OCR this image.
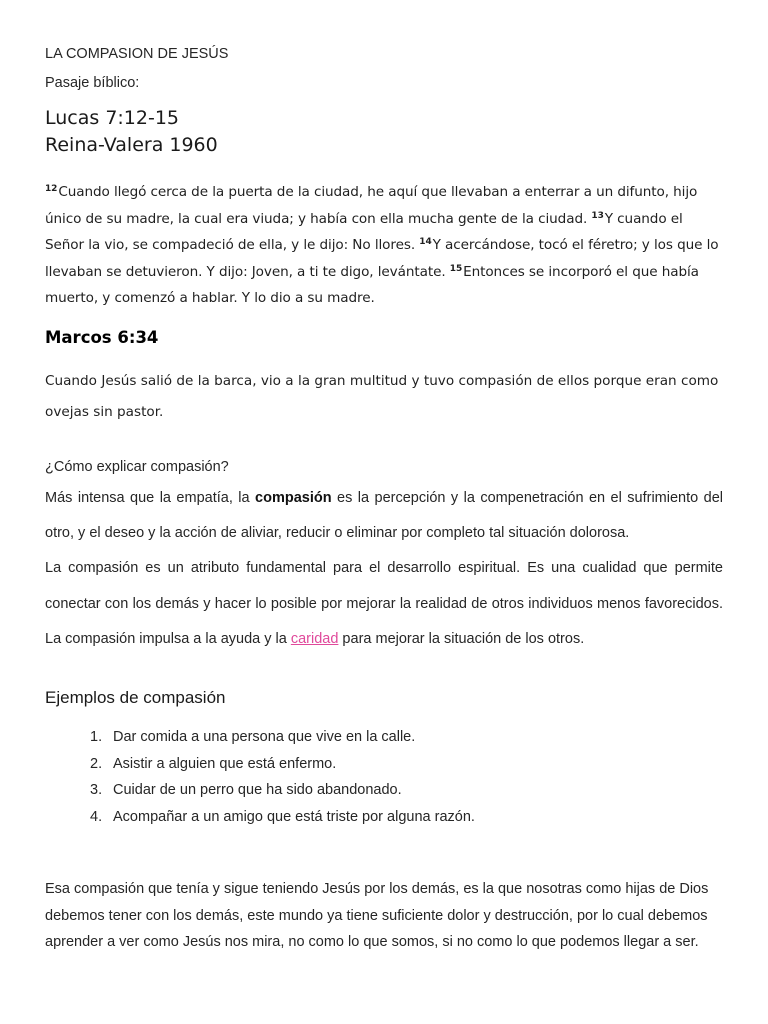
LA COMPASION DE JESÚS
Pasaje bíblico:
Lucas 7:12-15
Reina-Valera 1960
$^{12}$Cuando llegó cerca de la puerta de la ciudad, he aquí que llevaban a enterrar a un difunto, hijo único de su madre, la cual era viuda; y había con ella mucha gente de la ciudad. $^{13}$Y cuando el Señor la vio, se compadeció de ella, y le dijo: No llores. $^{14}$Y acercándose, tocó el féretro; y los que lo llevaban se detuvieron. Y dijo: Joven, a ti te digo, levántate. $^{15}$Entonces se incorporó el que había muerto, y comenzó a hablar. Y lo dio a su madre.
Marcos 6:34
Cuando Jesús salió de la barca, vio a la gran multitud y tuvo compasión de ellos porque eran como ovejas sin pastor.
¿Cómo explicar compasión?
Más intensa que la empatía, la compasión es la percepción y la compenetración en el sufrimiento del otro, y el deseo y la acción de aliviar, reducir o eliminar por completo tal situación dolorosa.
La compasión es un atributo fundamental para el desarrollo espiritual. Es una cualidad que permite conectar con los demás y hacer lo posible por mejorar la realidad de otros individuos menos favorecidos. La compasión impulsa a la ayuda y la caridad para mejorar la situación de los otros.
Ejemplos de compasión
1. Dar comida a una persona que vive en la calle.
2. Asistir a alguien que está enfermo.
3. Cuidar de un perro que ha sido abandonado.
4. Acompañar a un amigo que está triste por alguna razón.
Esa compasión que tenía y sigue teniendo Jesús por los demás, es la que nosotras como hijas de Dios debemos tener con los demás, este mundo ya tiene suficiente dolor y destrucción, por lo cual debemos aprender a ver como Jesús nos mira, no como lo que somos, si no como lo que podemos llegar a ser.
